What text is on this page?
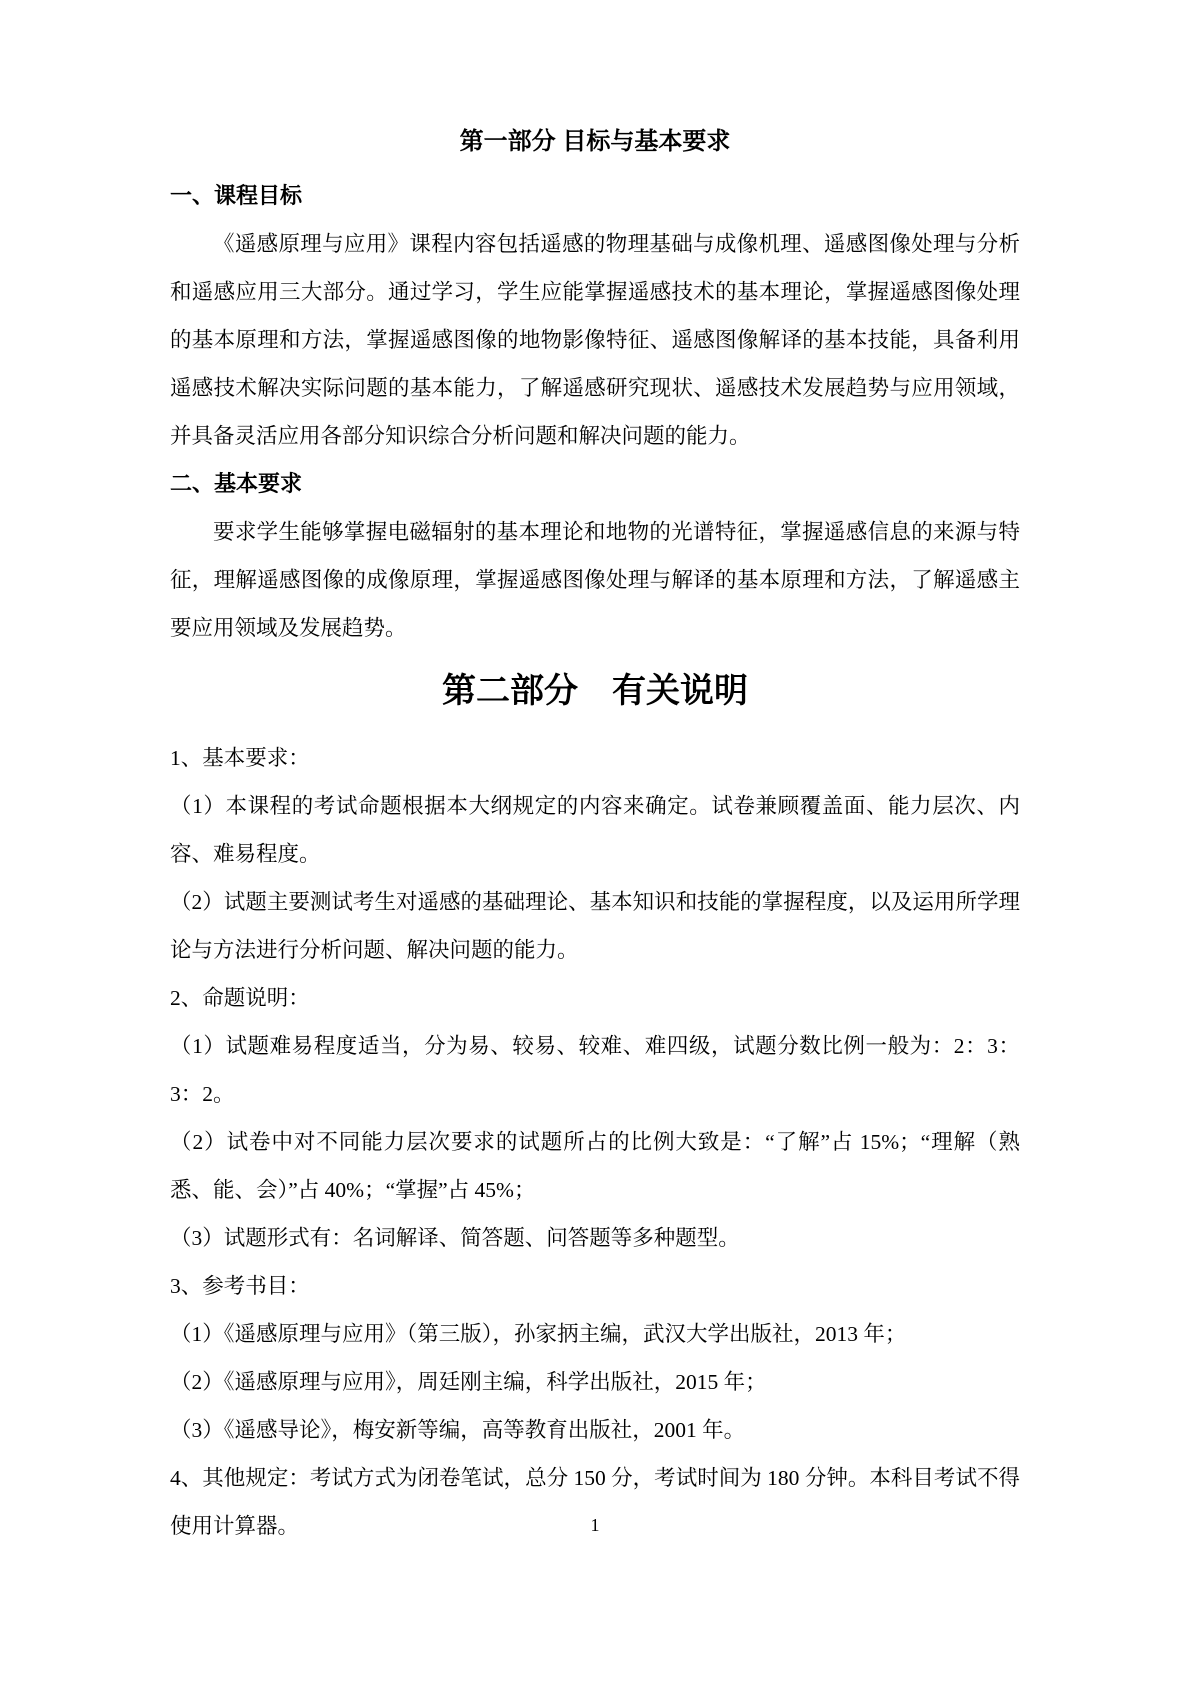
第一部分 目标与基本要求
一、课程目标

《遥感原理与应用》课程内容包括遥感的物理基础与成像机理、遥感图像处理与分析和遥感应用三大部分。通过学习，学生应能掌握遥感技术的基本理论，掌握遥感图像处理的基本原理和方法，掌握遥感图像的地物影像特征、遥感图像解译的基本技能，具备利用遥感技术解决实际问题的基本能力，了解遥感研究现状、遥感技术发展趋势与应用领域，并具备灵活应用各部分知识综合分析问题和解决问题的能力。

二、基本要求

要求学生能够掌握电磁辐射的基本理论和地物的光谱特征，掌握遥感信息的来源与特征，理解遥感图像的成像原理，掌握遥感图像处理与解译的基本原理和方法，了解遥感主要应用领域及发展趋势。

第二部分　有关说明

1、基本要求：

（1）本课程的考试命题根据本大纲规定的内容来确定。试卷兼顾覆盖面、能力层次、内容、难易程度。

（2）试题主要测试考生对遥感的基础理论、基本知识和技能的掌握程度，以及运用所学理论与方法进行分析问题、解决问题的能力。

2、命题说明：

（1）试题难易程度适当，分为易、较易、较难、难四级，试题分数比例一般为：2：3：3：2。

（2）试卷中对不同能力层次要求的试题所占的比例大致是：“了解”占 15%；“理解（熟悉、能、会）”占 40%；“掌握”占 45%；

（3）试题形式有：名词解译、简答题、问答题等多种题型。

3、参考书目：

（1）《遥感原理与应用》（第三版），孙家抦主编，武汉大学出版社，2013 年；

（2）《遥感原理与应用》，周廷刚主编，科学出版社，2015 年；

（3）《遥感导论》，梅安新等编，高等教育出版社，2001 年。

4、其他规定：考试方式为闭卷笔试，总分 150 分，考试时间为 180 分钟。本科目考试不得使用计算器。	1
